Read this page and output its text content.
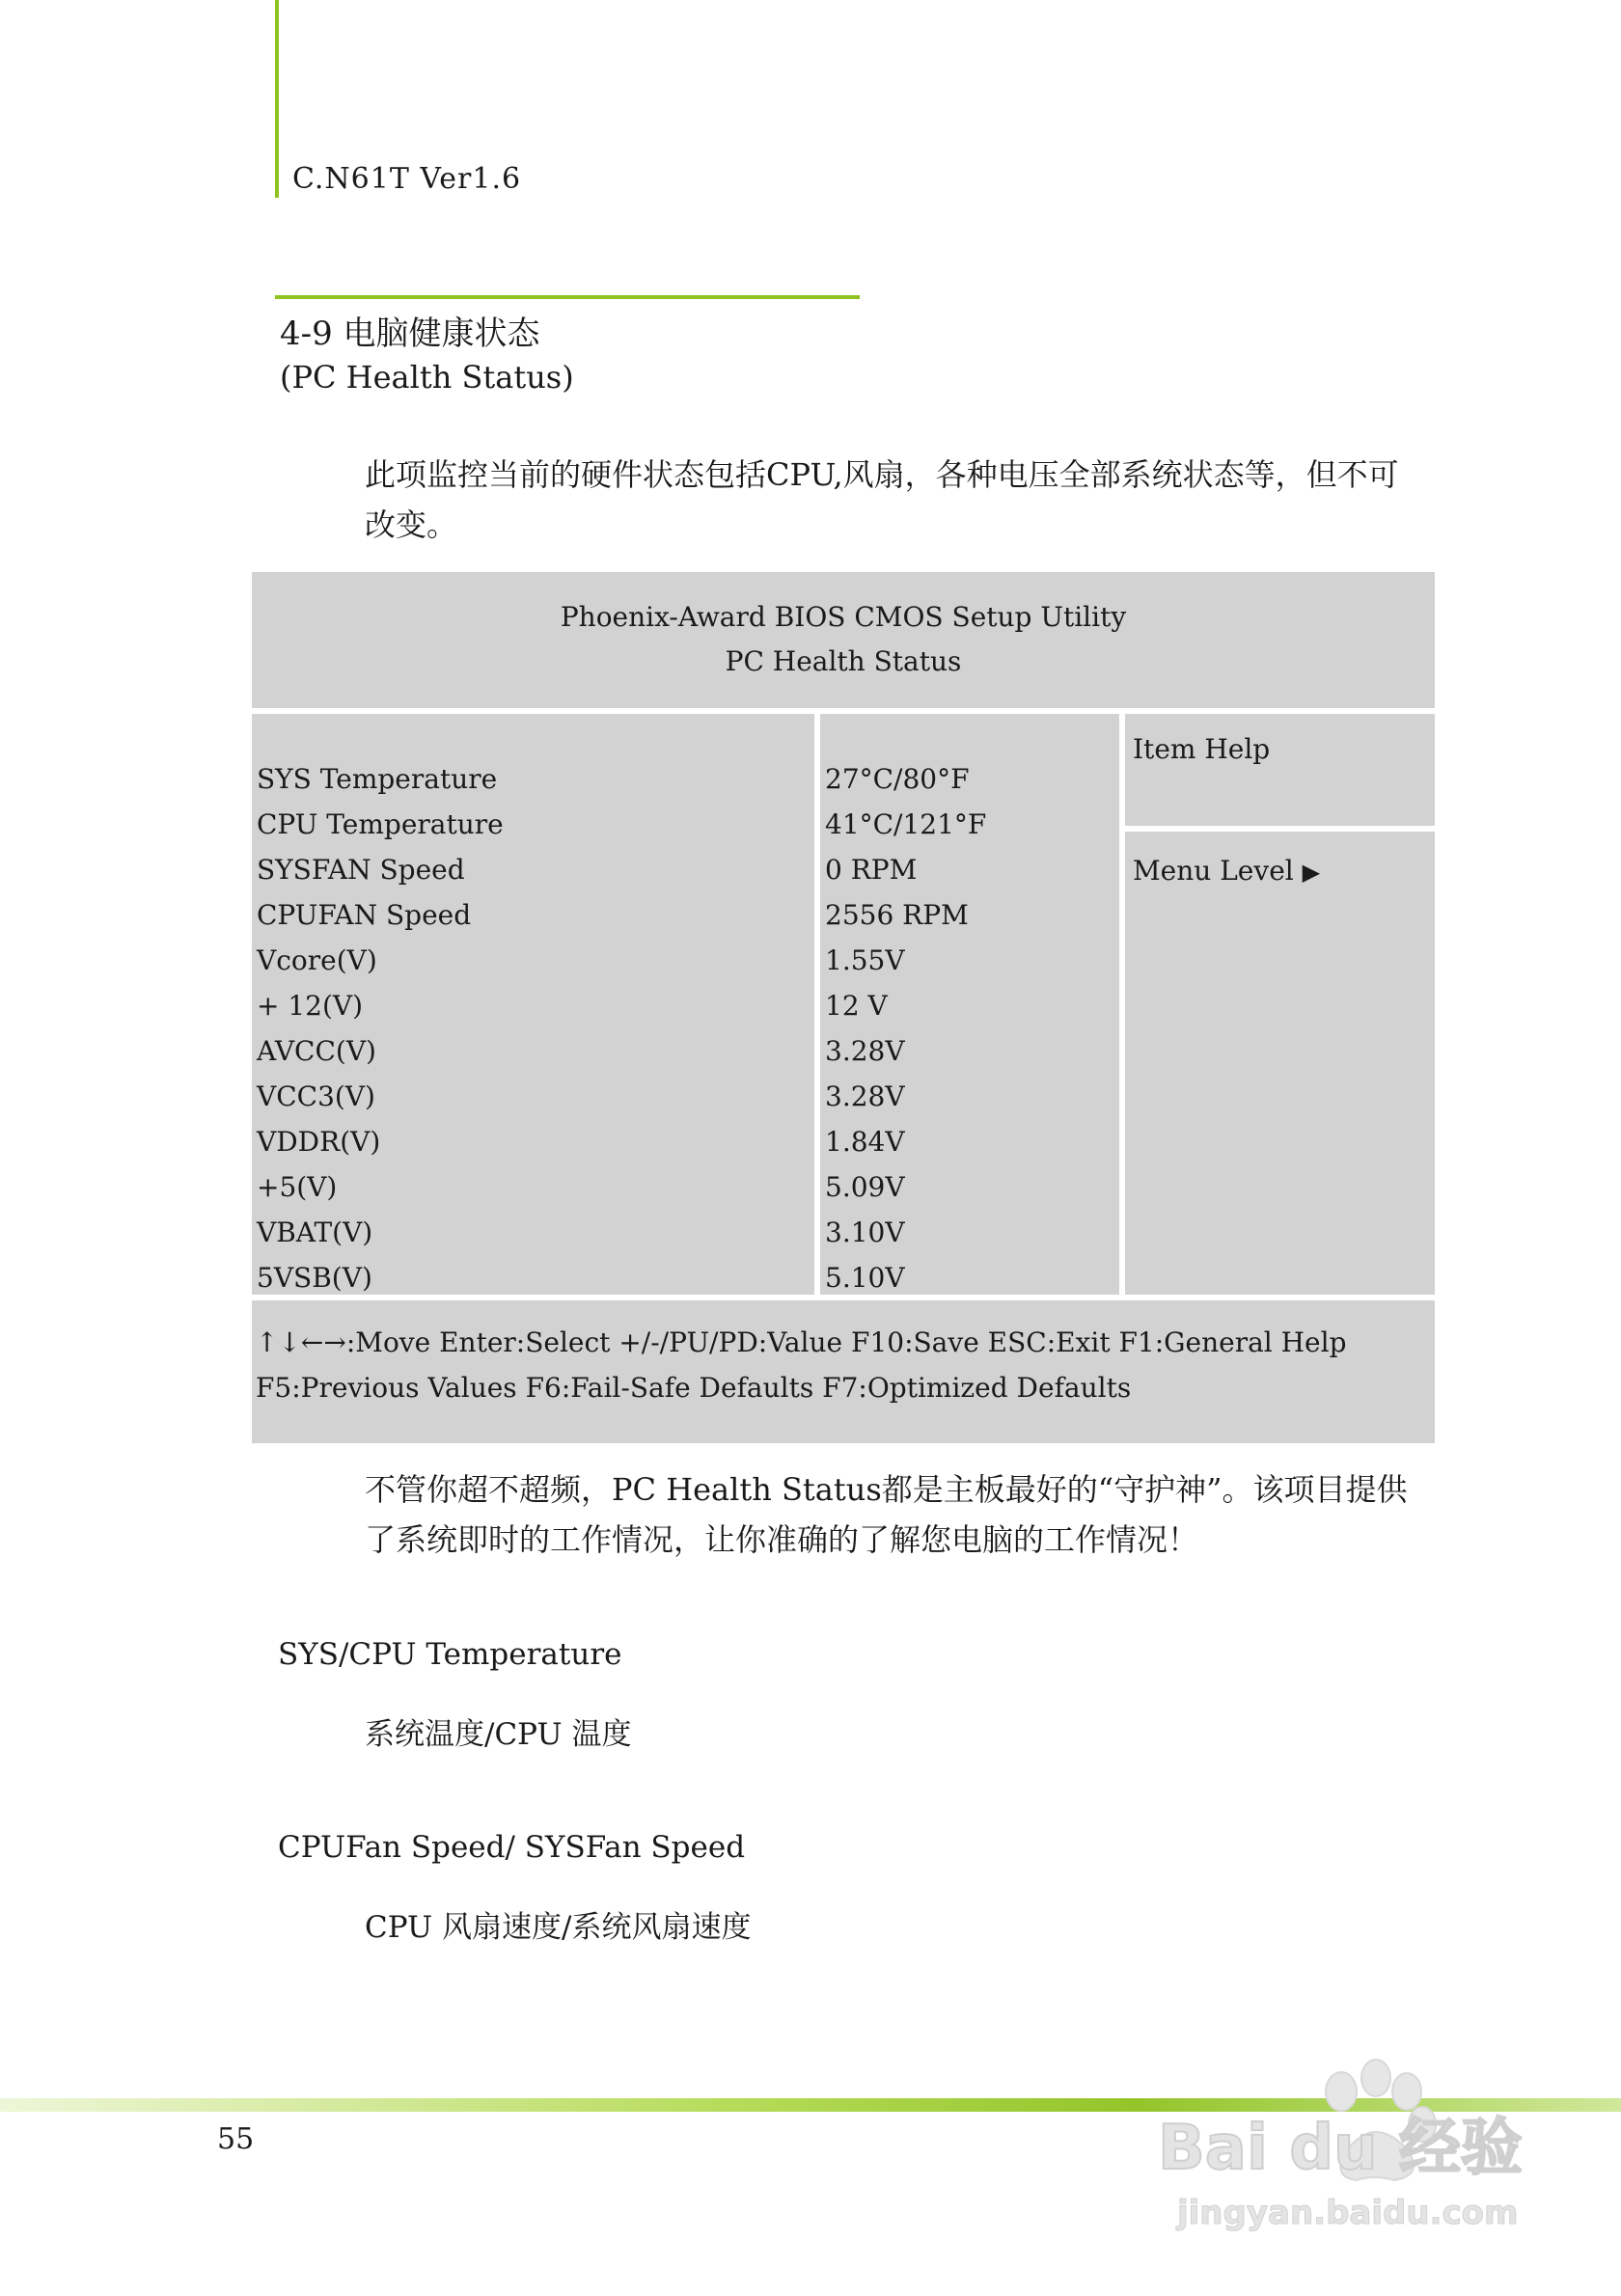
C.N61T Ver1.6
4-9 电脑健康状态
(PC Health Status)
此项监控当前的硬件状态包括CPU,风扇，各种电压全部系统状态等，但不可改变。
Phoenix-Award BIOS CMOS Setup Utility
PC Health Status
SYS Temperature
CPU Temperature
SYSFAN Speed
CPUFAN Speed
Vcore(V)
+ 12(V)
AVCC(V)
VCC3(V)
VDDR(V)
+5(V)
VBAT(V)
5VSB(V)
27°C/80°F
41°C/121°F
0 RPM
2556 RPM
1.55V
12 V
3.28V
3.28V
1.84V
5.09V
3.10V
5.10V
Item Help
Menu Level ▶
↑↓←→:Move Enter:Select +/-/PU/PD:Value F10:Save ESC:Exit F1:General Help
F5:Previous Values F6:Fail-Safe Defaults F7:Optimized Defaults
不管你超不超频，PC Health Status都是主板最好的“守护神”。该项目提供了系统即时的工作情况，让你准确的了解您电脑的工作情况！
SYS/CPU Temperature
系统温度/CPU 温度
CPUFan Speed/ SYSFan Speed
CPU 风扇速度/系统风扇速度
55	Bai du 经验
jingyan.baidu.com
